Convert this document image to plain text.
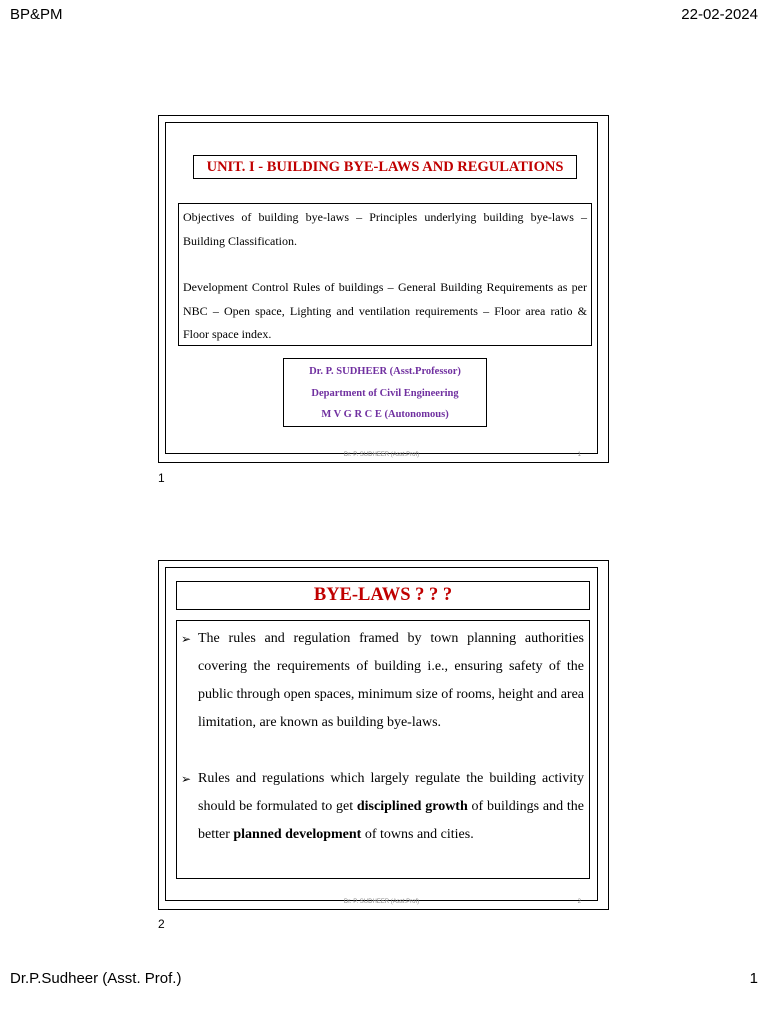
BP&PM	22-02-2024
UNIT. I - BUILDING BYE-LAWS AND REGULATIONS

Objectives of building bye-laws – Principles underlying building bye-laws – Building Classification.

Development Control Rules of buildings – General Building Requirements as per NBC – Open space, Lighting and ventilation requirements – Floor area ratio & Floor space index.

Dr. P. SUDHEER (Asst.Professor)
Department of Civil Engineering
M V G R C E (Autonomous)
Dr. P. SUDHEER (Asst.Prof)	1
1
BYE-LAWS ? ? ?

➢ The rules and regulation framed by town planning authorities covering the requirements of building i.e., ensuring safety of the public through open spaces, minimum size of rooms, height and area limitation, are known as building bye-laws.

➢ Rules and regulations which largely regulate the building activity should be formulated to get disciplined growth of buildings and the better planned development of towns and cities.

Dr. P. SUDHEER (Asst.Prof)	2
2
Dr.P.Sudheer (Asst. Prof.)	1
